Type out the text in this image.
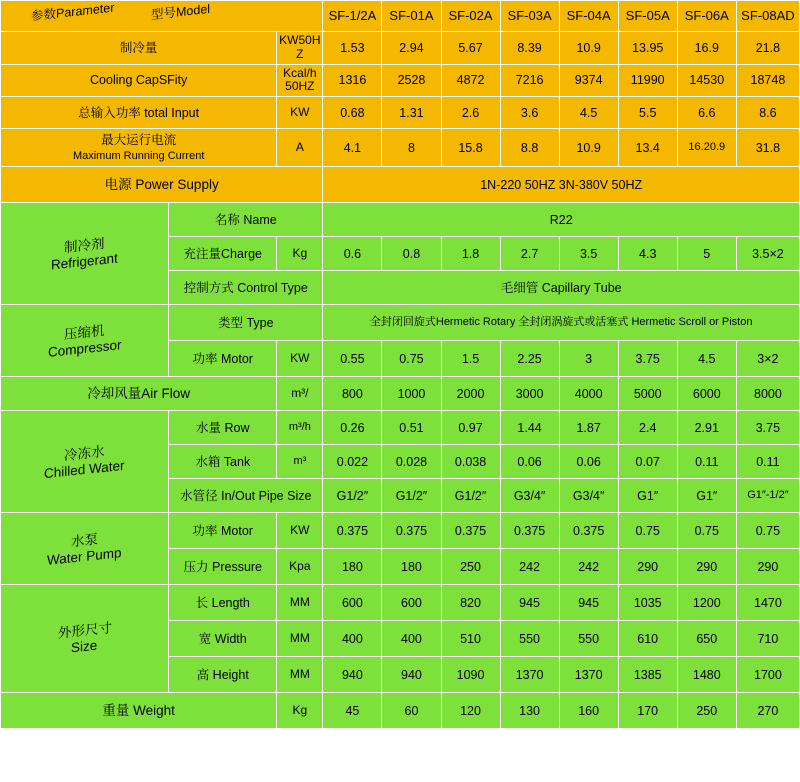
参数Parameter 型号Model			SF-1/2A	SF-01A	SF-02A	SF-03A	SF-04A	SF-05A	SF-06A	SF-08AD
制冷量		KW50HZ	1.53	2.94	5.67	8.39	10.9	13.95	16.9	21.8
Cooling CapSFity		Kcal/h 50HZ	1316	2528	4872	7216	9374	11990	14530	18748
总输入功率 total Input		KW	0.68	1.31	2.6	3.6	4.5	5.5	6.6	8.6
最大运行电流
Maximum Running Current		A	4.1	8	15.8	8.8	10.9	13.4	16.20.9	31.8
电源 Power Supply			1N-220 50HZ 3N-380V 50HZ							
制冷剂
Refrigerant	名称 Name		R22							
	充注量Charge	Kg	0.6	0.8	1.8	2.7	3.5	4.3	5	3.5×2
	控制方式 Control Type		毛细管 Capillary Tube							
压缩机
Compressor	类型 Type		全封闭回旋式Hermetic Rotary 全封闭涡旋式或活塞式 Hermetic Scroll or Piston							
	功率 Motor	KW	0.55	0.75	1.5	2.25	3	3.75	4.5	3×2
冷却风量Air Flow		m³/	800	1000	2000	3000	4000	5000	6000	8000
冷冻水
Chilled Water	水量 Row	m³/h	0.26	0.51	0.97	1.44	1.87	2.4	2.91	3.75
	水箱 Tank	m³	0.022	0.028	0.038	0.06	0.06	0.07	0.11	0.11
	水管径 In/Out Pipe Size		G1/2″	G1/2″	G1/2″	G3/4″	G3/4″	G1″	G1″	G1″-1/2″
水泵
Water Pump	功率 Motor	KW	0.375	0.375	0.375	0.375	0.375	0.75	0.75	0.75
	压力 Pressure	Kpa	180	180	250	242	242	290	290	290
外形尺寸
Size	长 Length	MM	600	600	820	945	945	1035	1200	1470
	宽 Width	MM	400	400	510	550	550	610	650	710
	高 Height	MM	940	940	1090	1370	1370	1385	1480	1700
重量 Weight		Kg	45	60	120	130	160	170	250	270
